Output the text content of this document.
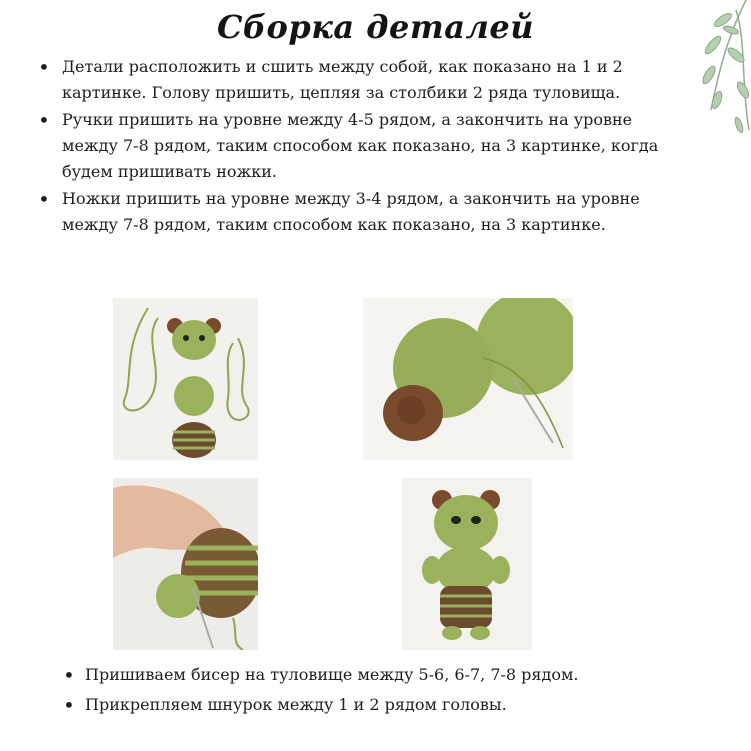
Сборка деталей
• Детали расположить и сшить между собой, как показано на 1 и 2 картинке. Голову пришить, цепляя за столбики 2 ряда туловища.
• Ручки пришить на уровне между 4-5 рядом, а закончить на уровне между 7-8 рядом, таким способом как показано, на 3 картинке, когда будем пришивать ножки.
• Ножки пришить на уровне между 3-4 рядом, а закончить на уровне между 7-8 рядом, таким способом как показано, на 3 картинке.
• Пришиваем бисер на туловище между 5-6, 6-7, 7-8 рядом.
• Прикрепляем шнурок между 1 и 2 рядом головы.
